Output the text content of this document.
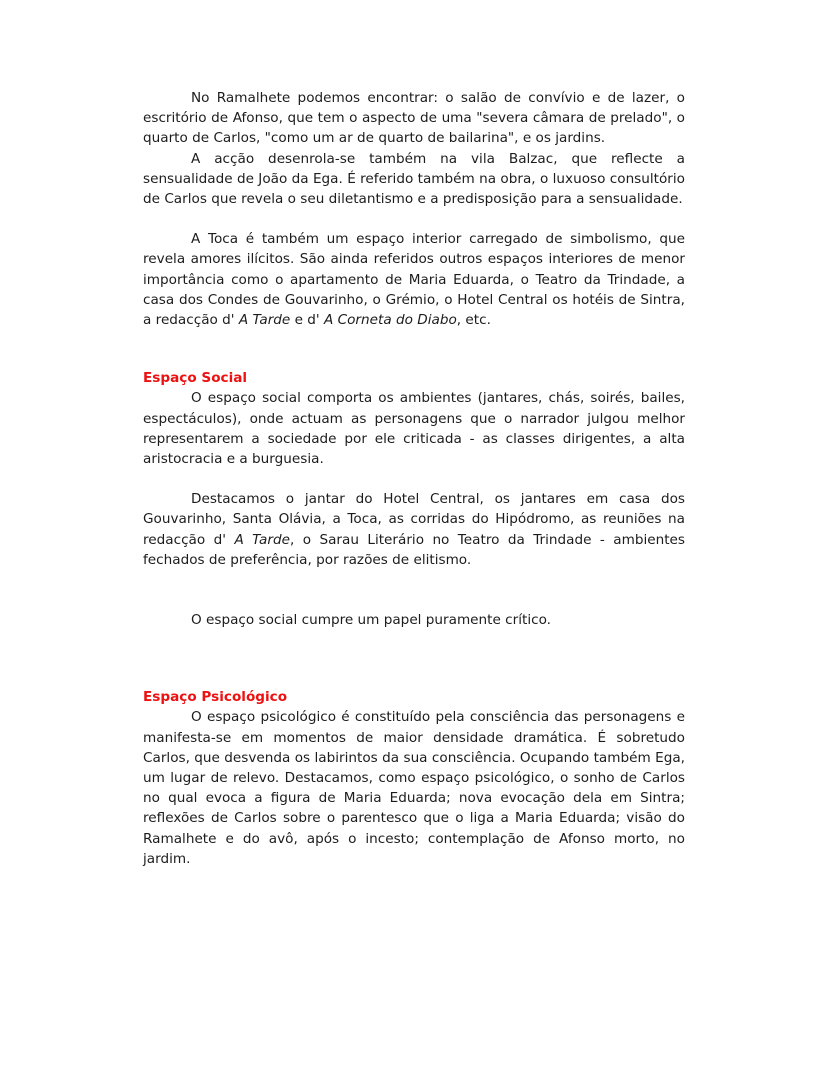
No Ramalhete podemos encontrar: o salão de convívio e de lazer, o escritório de Afonso, que tem o aspecto de uma "severa câmara de prelado", o quarto de Carlos, "como um ar de quarto de bailarina", e os jardins.

A acção desenrola-se também na vila Balzac, que reflecte a sensualidade de João da Ega. É referido também na obra, o luxuoso consultório de Carlos que revela o seu diletantismo e a predisposição para a sensualidade.

A Toca é também um espaço interior carregado de simbolismo, que revela amores ilícitos. São ainda referidos outros espaços interiores de menor importância como o apartamento de Maria Eduarda, o Teatro da Trindade, a casa dos Condes de Gouvarinho, o Grémio, o Hotel Central os hotéis de Sintra, a redacção d' A Tarde e d' A Corneta do Diabo, etc.

Espaço Social

O espaço social comporta os ambientes (jantares, chás, soirés, bailes, espectáculos), onde actuam as personagens que o narrador julgou melhor representarem a sociedade por ele criticada - as classes dirigentes, a alta aristocracia e a burguesia.

Destacamos o jantar do Hotel Central, os jantares em casa dos Gouvarinho, Santa Olávia, a Toca, as corridas do Hipódromo, as reuniões na redacção d' A Tarde, o Sarau Literário no Teatro da Trindade - ambientes fechados de preferência, por razões de elitismo.

O espaço social cumpre um papel puramente crítico.

Espaço Psicológico

O espaço psicológico é constituído pela consciência das personagens e manifesta-se em momentos de maior densidade dramática. É sobretudo Carlos, que desvenda os labirintos da sua consciência. Ocupando também Ega, um lugar de relevo. Destacamos, como espaço psicológico, o sonho de Carlos no qual evoca a figura de Maria Eduarda; nova evocação dela em Sintra; reflexões de Carlos sobre o parentesco que o liga a Maria Eduarda; visão do Ramalhete e do avô, após o incesto; contemplação de Afonso morto, no jardim.
